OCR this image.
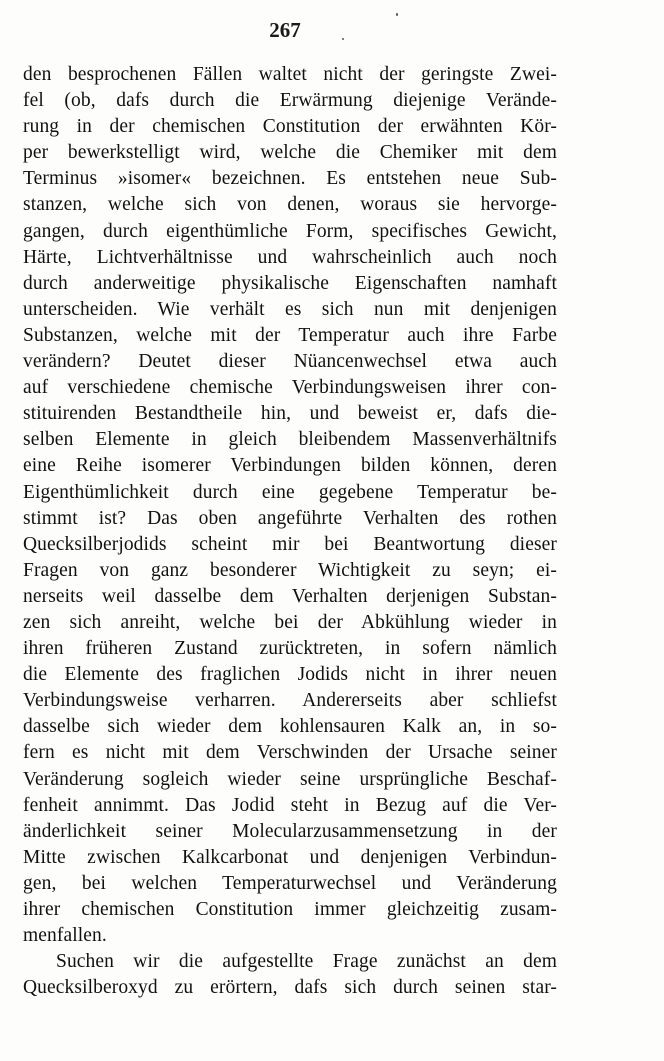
267
den besprochenen Fällen waltet nicht der geringste Zwei-
fel (ob, dafs durch die Erwärmung diejenige Verände-
rung in der chemischen Constitution der erwähnten Kör-
per bewerkstelligt wird, welche die Chemiker mit dem
Terminus »isomer« bezeichnen. Es entstehen neue Sub-
stanzen, welche sich von denen, woraus sie hervorge-
gangen, durch eigenthümliche Form, specifisches Gewicht,
Härte, Lichtverhältnisse und wahrscheinlich auch noch
durch anderweitige physikalische Eigenschaften namhaft
unterscheiden. Wie verhält es sich nun mit denjenigen
Substanzen, welche mit der Temperatur auch ihre Farbe
verändern? Deutet dieser Nüancenwechsel etwa auch
auf verschiedene chemische Verbindungsweisen ihrer con-
stituirenden Bestandtheile hin, und beweist er, dafs die-
selben Elemente in gleich bleibendem Massenverhältnifs
eine Reihe isomerer Verbindungen bilden können, deren
Eigenthümlichkeit durch eine gegebene Temperatur be-
stimmt ist? Das oben angeführte Verhalten des rothen
Quecksilberjodids scheint mir bei Beantwortung dieser
Fragen von ganz besonderer Wichtigkeit zu seyn; ei-
nerseits weil dasselbe dem Verhalten derjenigen Substan-
zen sich anreiht, welche bei der Abkühlung wieder in
ihren früheren Zustand zurücktreten, in sofern nämlich
die Elemente des fraglichen Jodids nicht in ihrer neuen
Verbindungsweise verharren. Andererseits aber schliefst
dasselbe sich wieder dem kohlensauren Kalk an, in so-
fern es nicht mit dem Verschwinden der Ursache seiner
Veränderung sogleich wieder seine ursprüngliche Beschaf-
fenheit annimmt. Das Jodid steht in Bezug auf die Ver-
änderlichkeit seiner Molecularzusammensetzung in der
Mitte zwischen Kalkcarbonat und denjenigen Verbindun-
gen, bei welchen Temperaturwechsel und Veränderung
ihrer chemischen Constitution immer gleichzeitig zusam-
menfallen.
Suchen wir die aufgestellte Frage zunächst an dem
Quecksilberoxyd zu erörtern, dafs sich durch seinen star-
